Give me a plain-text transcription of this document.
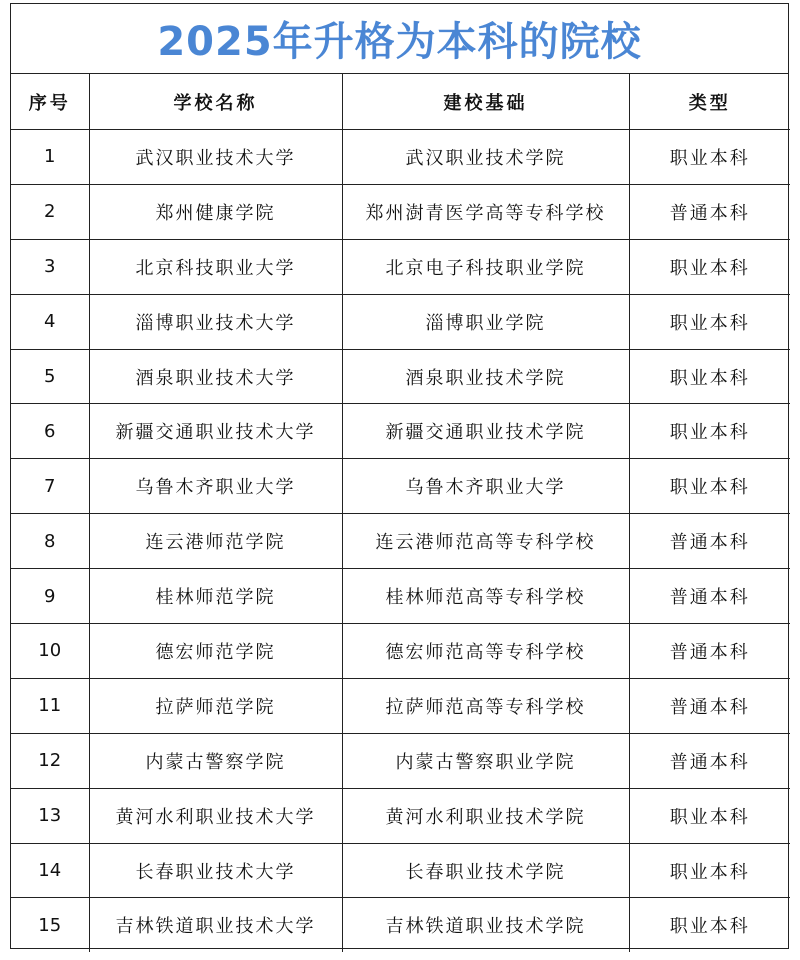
2025年升格为本科的院校
序号	学校名称	建校基础	类型
1	武汉职业技术大学	武汉职业技术学院	职业本科
2	郑州健康学院	郑州澍青医学高等专科学校	普通本科
3	北京科技职业大学	北京电子科技职业学院	职业本科
4	淄博职业技术大学	淄博职业学院	职业本科
5	酒泉职业技术大学	酒泉职业技术学院	职业本科
6	新疆交通职业技术大学	新疆交通职业技术学院	职业本科
7	乌鲁木齐职业大学	乌鲁木齐职业大学	职业本科
8	连云港师范学院	连云港师范高等专科学校	普通本科
9	桂林师范学院	桂林师范高等专科学校	普通本科
10	德宏师范学院	德宏师范高等专科学校	普通本科
11	拉萨师范学院	拉萨师范高等专科学校	普通本科
12	内蒙古警察学院	内蒙古警察职业学院	普通本科
13	黄河水利职业技术大学	黄河水利职业技术学院	职业本科
14	长春职业技术大学	长春职业技术学院	职业本科
15	吉林铁道职业技术大学	吉林铁道职业技术学院	职业本科
